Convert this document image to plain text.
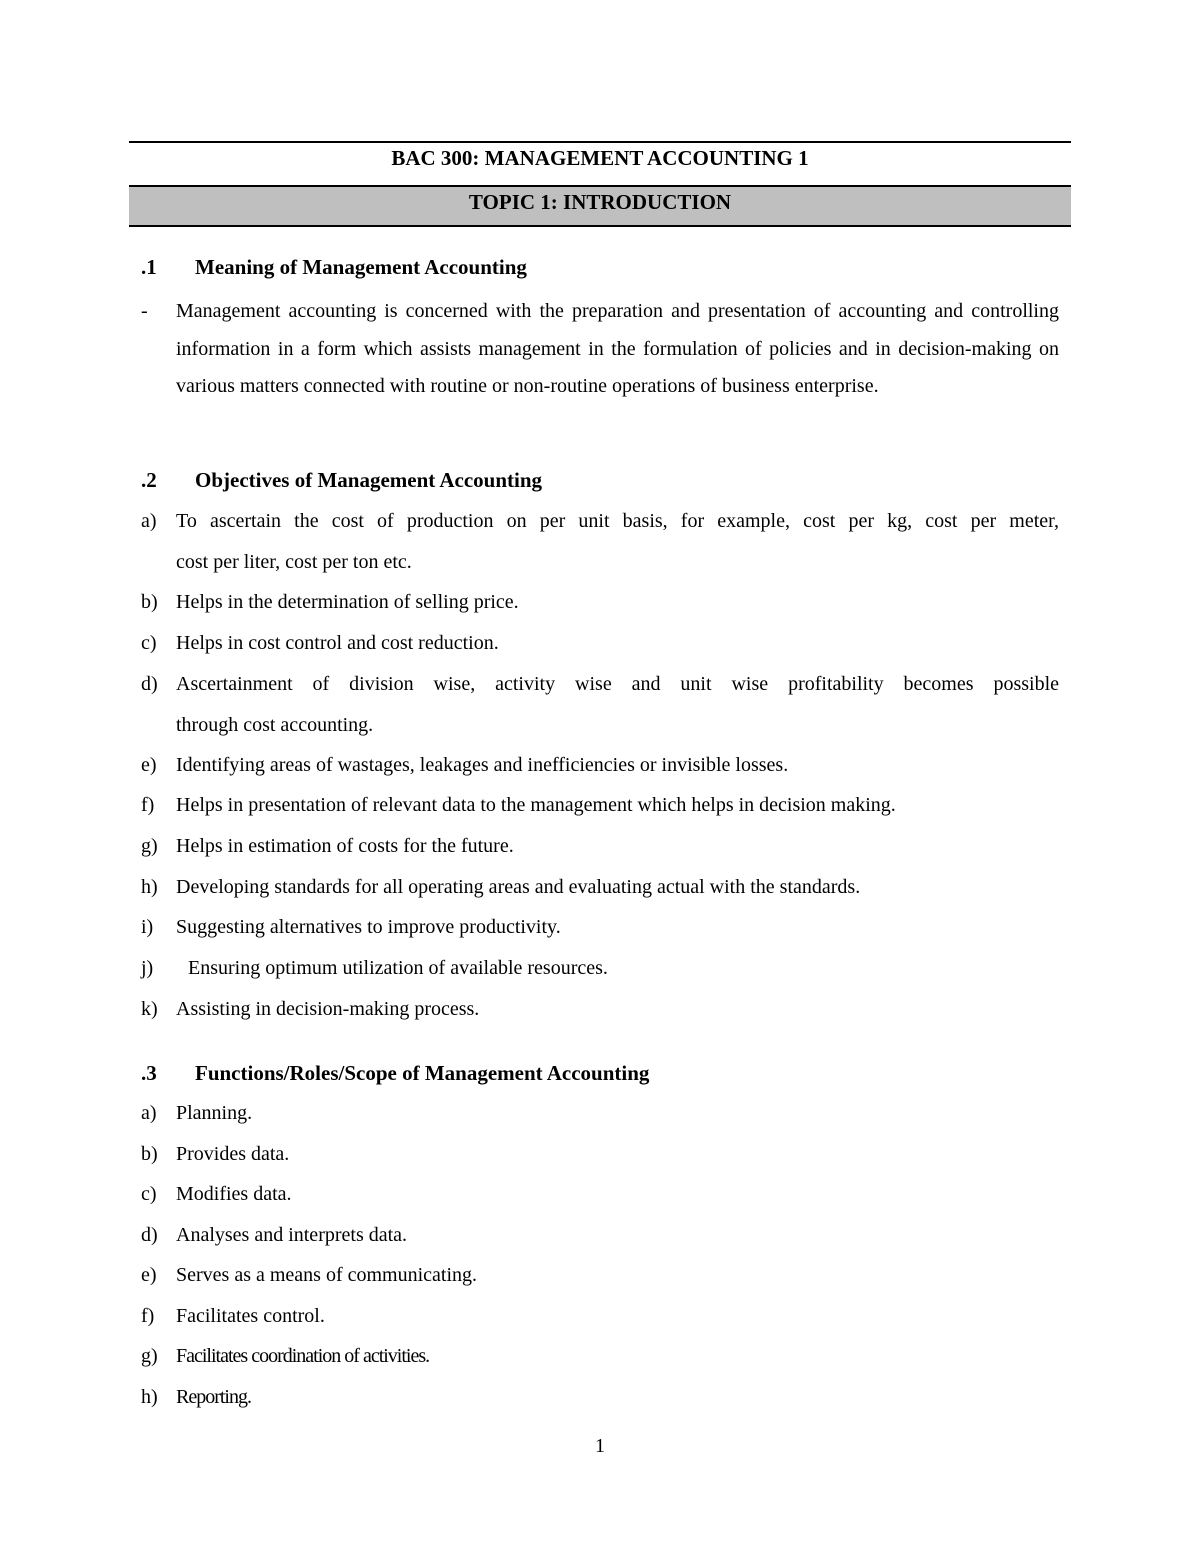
BAC 300: MANAGEMENT ACCOUNTING 1
TOPIC 1: INTRODUCTION
.1 Meaning of Management Accounting
- Management accounting is concerned with the preparation and presentation of accounting and controlling information in a form which assists management in the formulation of policies and in decision-making on various matters connected with routine or non-routine operations of business enterprise.
.2 Objectives of Management Accounting
a) To ascertain the cost of production on per unit basis, for example, cost per kg, cost per meter,
cost per liter, cost per ton etc.
b) Helps in the determination of selling price.
c) Helps in cost control and cost reduction.
d) Ascertainment of division wise, activity wise and unit wise profitability becomes possible
through cost accounting.
e) Identifying areas of wastages, leakages and inefficiencies or invisible losses.
f) Helps in presentation of relevant data to the management which helps in decision making.
g) Helps in estimation of costs for the future.
h) Developing standards for all operating areas and evaluating actual with the standards.
i) Suggesting alternatives to improve productivity.
j) Ensuring optimum utilization of available resources.
k) Assisting in decision-making process.
.3 Functions/Roles/Scope of Management Accounting
a) Planning.
b) Provides data.
c) Modifies data.
d) Analyses and interprets data.
e) Serves as a means of communicating.
f) Facilitates control.
g) Facilitates coordination of activities.
h) Reporting.
1
